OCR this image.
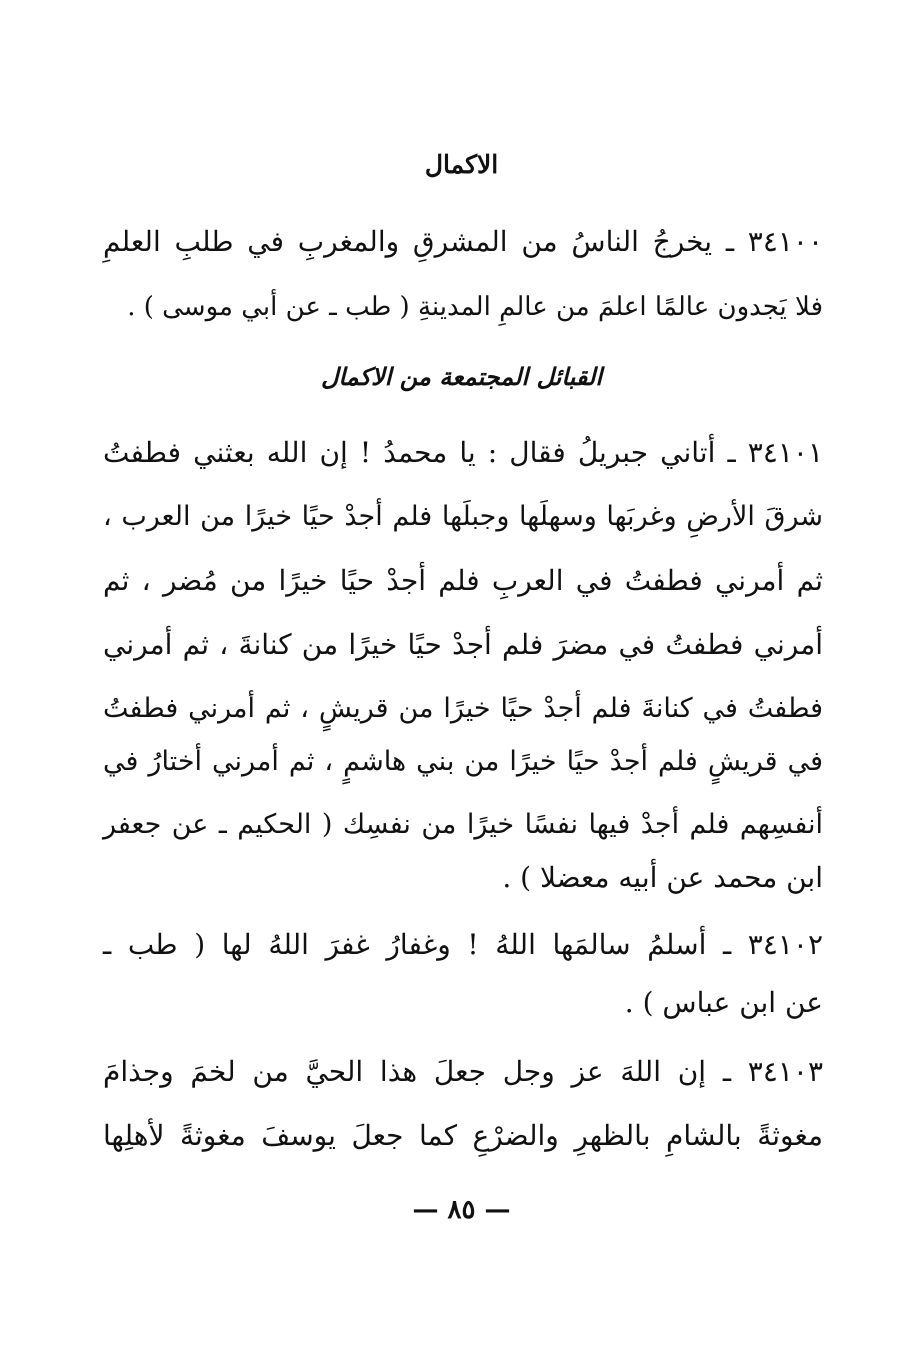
الاكمال
٣٤١٠٠ ـ يخرجُ الناسُ من المشرقِ والمغربِ في طلبِ العلمِ
فلا يَجدون عالمًا اعلمَ من عالمِ المدينةِ ( طب ـ عن أبي موسى ) .
القبائل المجتمعة من الاكمال
٣٤١٠١ ـ أتاني جبريلُ فقال : يا محمدُ ! إن الله بعثني فطفتُ
شرقَ الأرضِ وغربَها وسهلَها وجبلَها فلم أجدْ حيًا خيرًا من العرب ،
ثم أمرني فطفتُ في العربِ فلم أجدْ حيًا خيرًا من مُضر ، ثم
أمرني فطفتُ في مضرَ فلم أجدْ حيًا خيرًا من كنانةَ ، ثم أمرني
فطفتُ في كنانةَ فلم أجدْ حيًا خيرًا من قريشٍ ، ثم أمرني فطفتُ
في قريشٍ فلم أجدْ حيًا خيرًا من بني هاشمٍ ، ثم أمرني أختارُ في
أنفسِهم فلم أجدْ فيها نفسًا خيرًا من نفسِك ( الحكيم ـ عن جعفر
ابن محمد عن أبيه معضلا ) .
٣٤١٠٢ ـ أسلمُ سالمَها اللهُ ! وغفارُ غفرَ اللهُ لها ( طب ـ
عن ابن عباس ) .
٣٤١٠٣ ـ إن اللهَ عز وجل جعلَ هذا الحيَّ من لخمَ وجذامَ
مغوثةً بالشامِ بالظهرِ والضرْعِ كما جعلَ يوسفَ مغوثةً لأهلِها
— ٨٥ —
